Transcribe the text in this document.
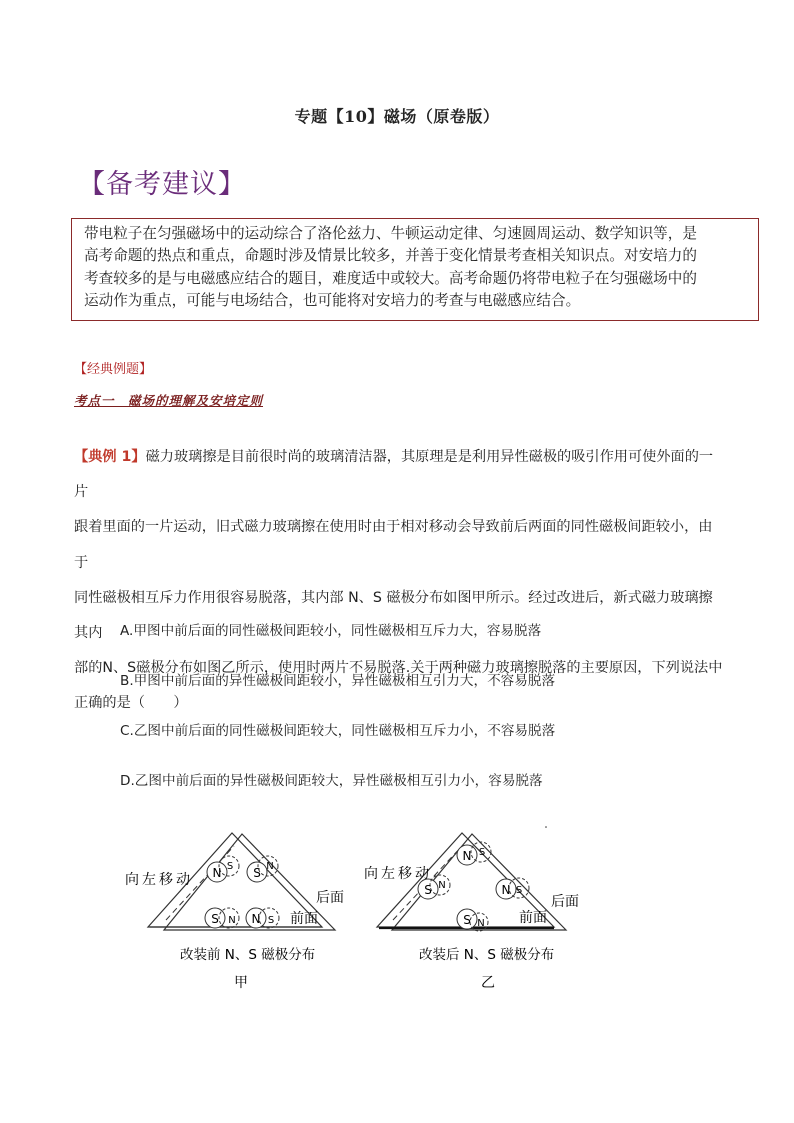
专题【10】磁场（原卷版）
【备考建议】
带电粒子在匀强磁场中的运动综合了洛伦兹力、牛顿运动定律、匀速圆周运动、数学知识等，是
高考命题的热点和重点，命题时涉及情景比较多，并善于变化情景考查相关知识点。对安培力的
考查较多的是与电磁感应结合的题目，难度适中或较大。高考命题仍将带电粒子在匀强磁场中的
运动作为重点，可能与电场结合，也可能将对安培力的考查与电磁感应结合。
【经典例题】
考点一　磁场的理解及安培定则
【典例 1】磁力玻璃擦是目前很时尚的玻璃清洁器，其原理是是利用异性磁极的吸引作用可使外面的一片
跟着里面的一片运动，旧式磁力玻璃擦在使用时由于相对移动会导致前后两面的同性磁极间距较小，由于
同性磁极相互斥力作用很容易脱落，其内部 N、S 磁极分布如图甲所示。经过改进后，新式磁力玻璃擦其内
部的N、S磁极分布如图乙所示，使用时两片不易脱落.关于两种磁力玻璃擦脱落的主要原因，下列说法中
正确的是（　　）
A.甲图中前后面的同性磁极间距较小，同性磁极相互斥力大，容易脱落
B.甲图中前后面的异性磁极间距较小，异性磁极相互引力大，不容易脱落
C.乙图中前后面的同性磁极间距较大，同性磁极相互斥力小，不容易脱落
D.乙图中前后面的异性磁极间距较大，异性磁极相互引力小，容易脱落
N S S N
S N N S
向左移动
后面
前面
改装前 N、S 磁极分布
甲
N S
S N	N S
S N
向左移动
后面
前面
改装后 N、S 磁极分布
乙
